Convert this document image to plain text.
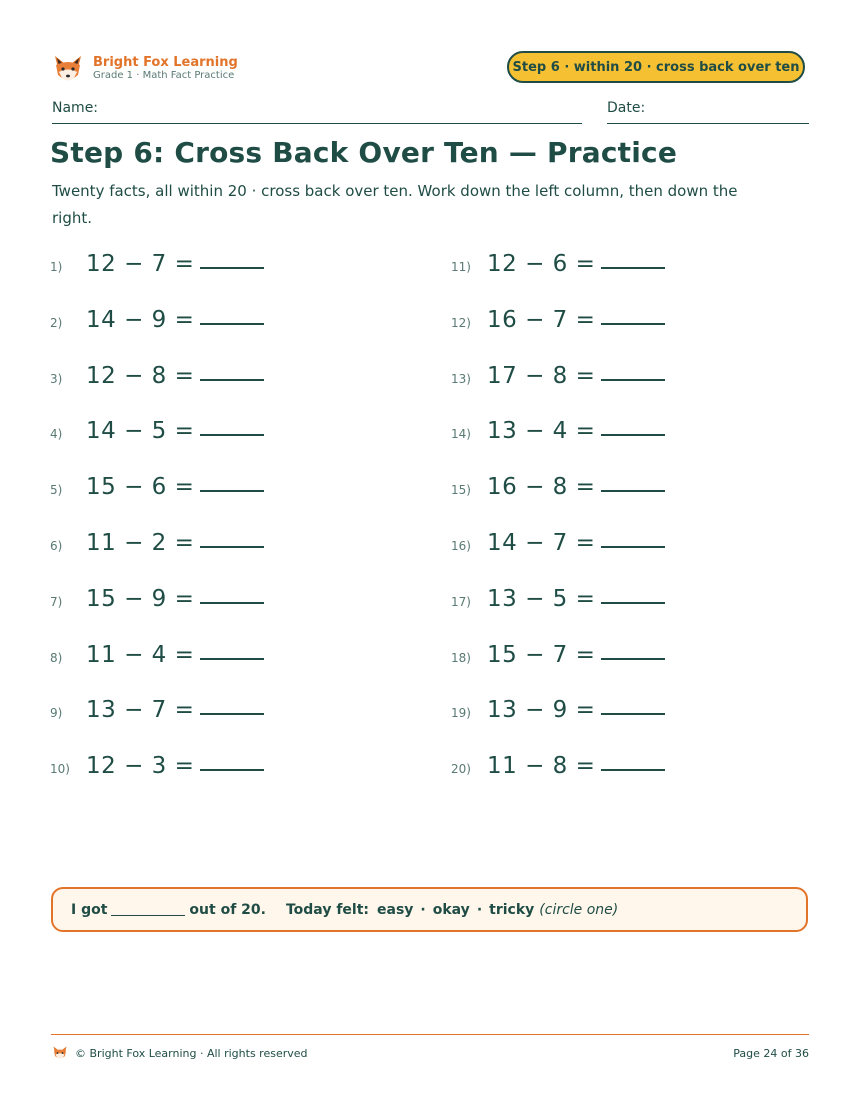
Bright Fox Learning
Grade 1 · Math Fact Practice
Step 6 · within 20 · cross back over ten
Name:	Date:
Step 6: Cross Back Over Ten — Practice
Twenty facts, all within 20 · cross back over ten. Work down the left column, then down the right.
1)	12 − 7 =
2)	14 − 9 =
3)	12 − 8 =
4)	14 − 5 =
5)	15 − 6 =
6)	11 − 2 =
7)	15 − 9 =
8)	11 − 4 =
9)	13 − 7 =
10) 12 − 3 =
11) 12 − 6 =
12) 16 − 7 =
13) 17 − 8 =
14) 13 − 4 =
15) 16 − 8 =
16) 14 − 7 =
17) 13 − 5 =
18) 15 − 7 =
19) 13 − 9 =
20) 11 − 8 =
I got	out of 20. Today felt: easy · okay · tricky (circle one)
© Bright Fox Learning · All rights reserved	Page 24 of 36
